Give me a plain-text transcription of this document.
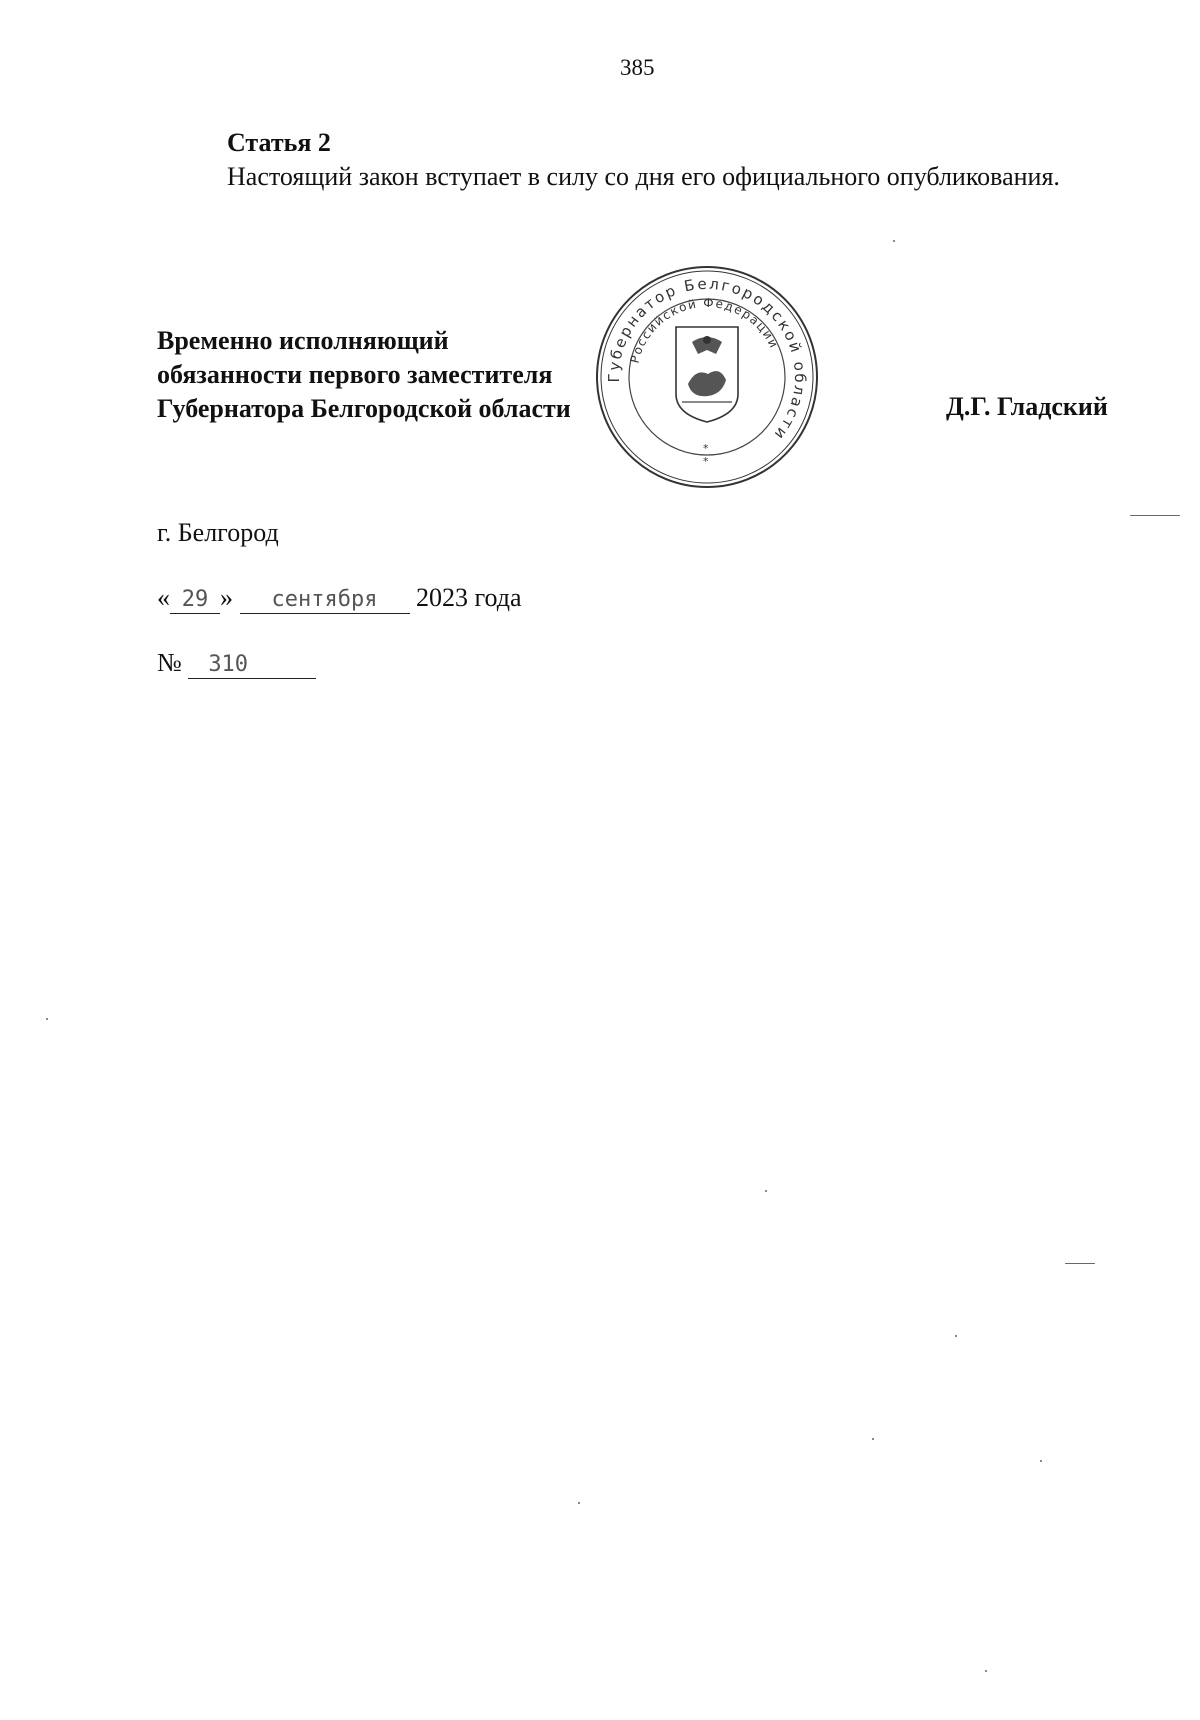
385
Статья 2
Настоящий закон вступает в силу со дня его официального опубликования.
Временно исполняющий
обязанности первого заместителя
Губернатора Белгородской области
Губернатор Белгородской области
Российской Федерации
*
*
Д.Г. Гладский
г. Белгород
« 29 » сентября 2023 года
№ 310
